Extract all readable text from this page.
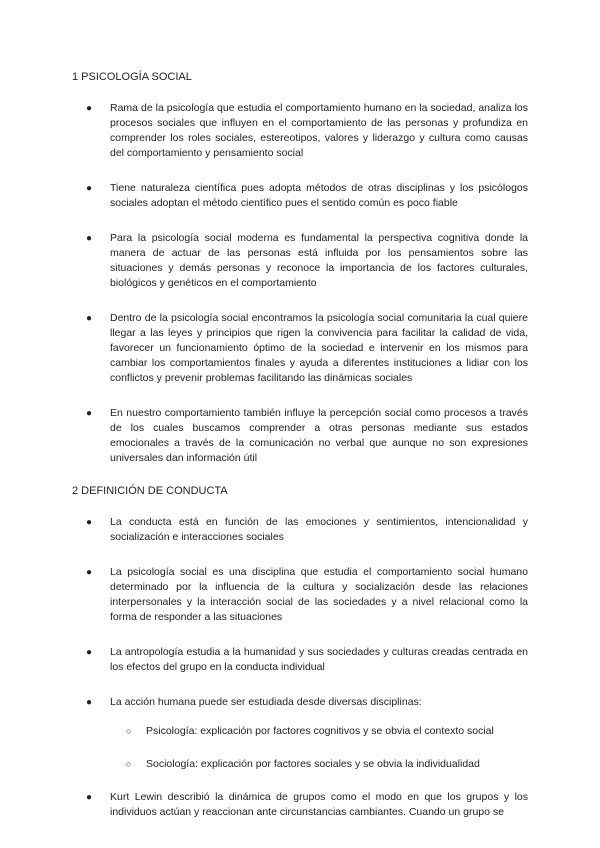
1 PSICOLOGÍA SOCIAL
● Rama de la psicología que estudia el comportamiento humano en la sociedad, analiza los procesos sociales que influyen en el comportamiento de las personas y profundiza en comprender los roles sociales, estereotipos, valores y liderazgo y cultura como causas del comportamiento y pensamiento social
● Tiene naturaleza científica pues adopta métodos de otras disciplinas y los psicólogos sociales adoptan el método científico pues el sentido común es poco fiable
● Para la psicología social moderna es fundamental la perspectiva cognitiva donde la manera de actuar de las personas está influida por los pensamientos sobre las situaciones y demás personas y reconoce la importancia de los factores culturales, biológicos y genéticos en el comportamiento
● Dentro de la psicología social encontramos la psicología social comunitaria la cual quiere llegar a las leyes y principios que rigen la convivencia para facilitar la calidad de vida, favorecer un funcionamiento óptimo de la sociedad e intervenir en los mismos para cambiar los comportamientos finales y ayuda a diferentes instituciones a lidiar con los conflictos y prevenir problemas facilitando las dinámicas sociales
● En nuestro comportamiento también influye la percepción social como procesos a través de los cuales buscamos comprender a otras personas mediante sus estados emocionales a través de la comunicación no verbal que aunque no son expresiones universales dan información útil
2 DEFINICIÓN DE CONDUCTA
● La conducta está en función de las emociones y sentimientos, intencionalidad y socialización e interacciones sociales
● La psicología social es una disciplina que estudia el comportamiento social humano determinado por la influencia de la cultura y socialización desde las relaciones interpersonales y la interacción social de las sociedades y a nivel relacional como la forma de responder a las situaciones
● La antropología estudia a la humanidad y sus sociedades y culturas creadas centrada en los efectos del grupo en la conducta individual
● La acción humana puede ser estudiada desde diversas disciplinas:
○ Psicología: explicación por factores cognitivos y se obvia el contexto social
○ Sociología: explicación por factores sociales y se obvia la individualidad
● Kurt Lewin describió la dinámica de grupos como el modo en que los grupos y los individuos actúan y reaccionan ante circunstancias cambiantes. Cuando un grupo se
